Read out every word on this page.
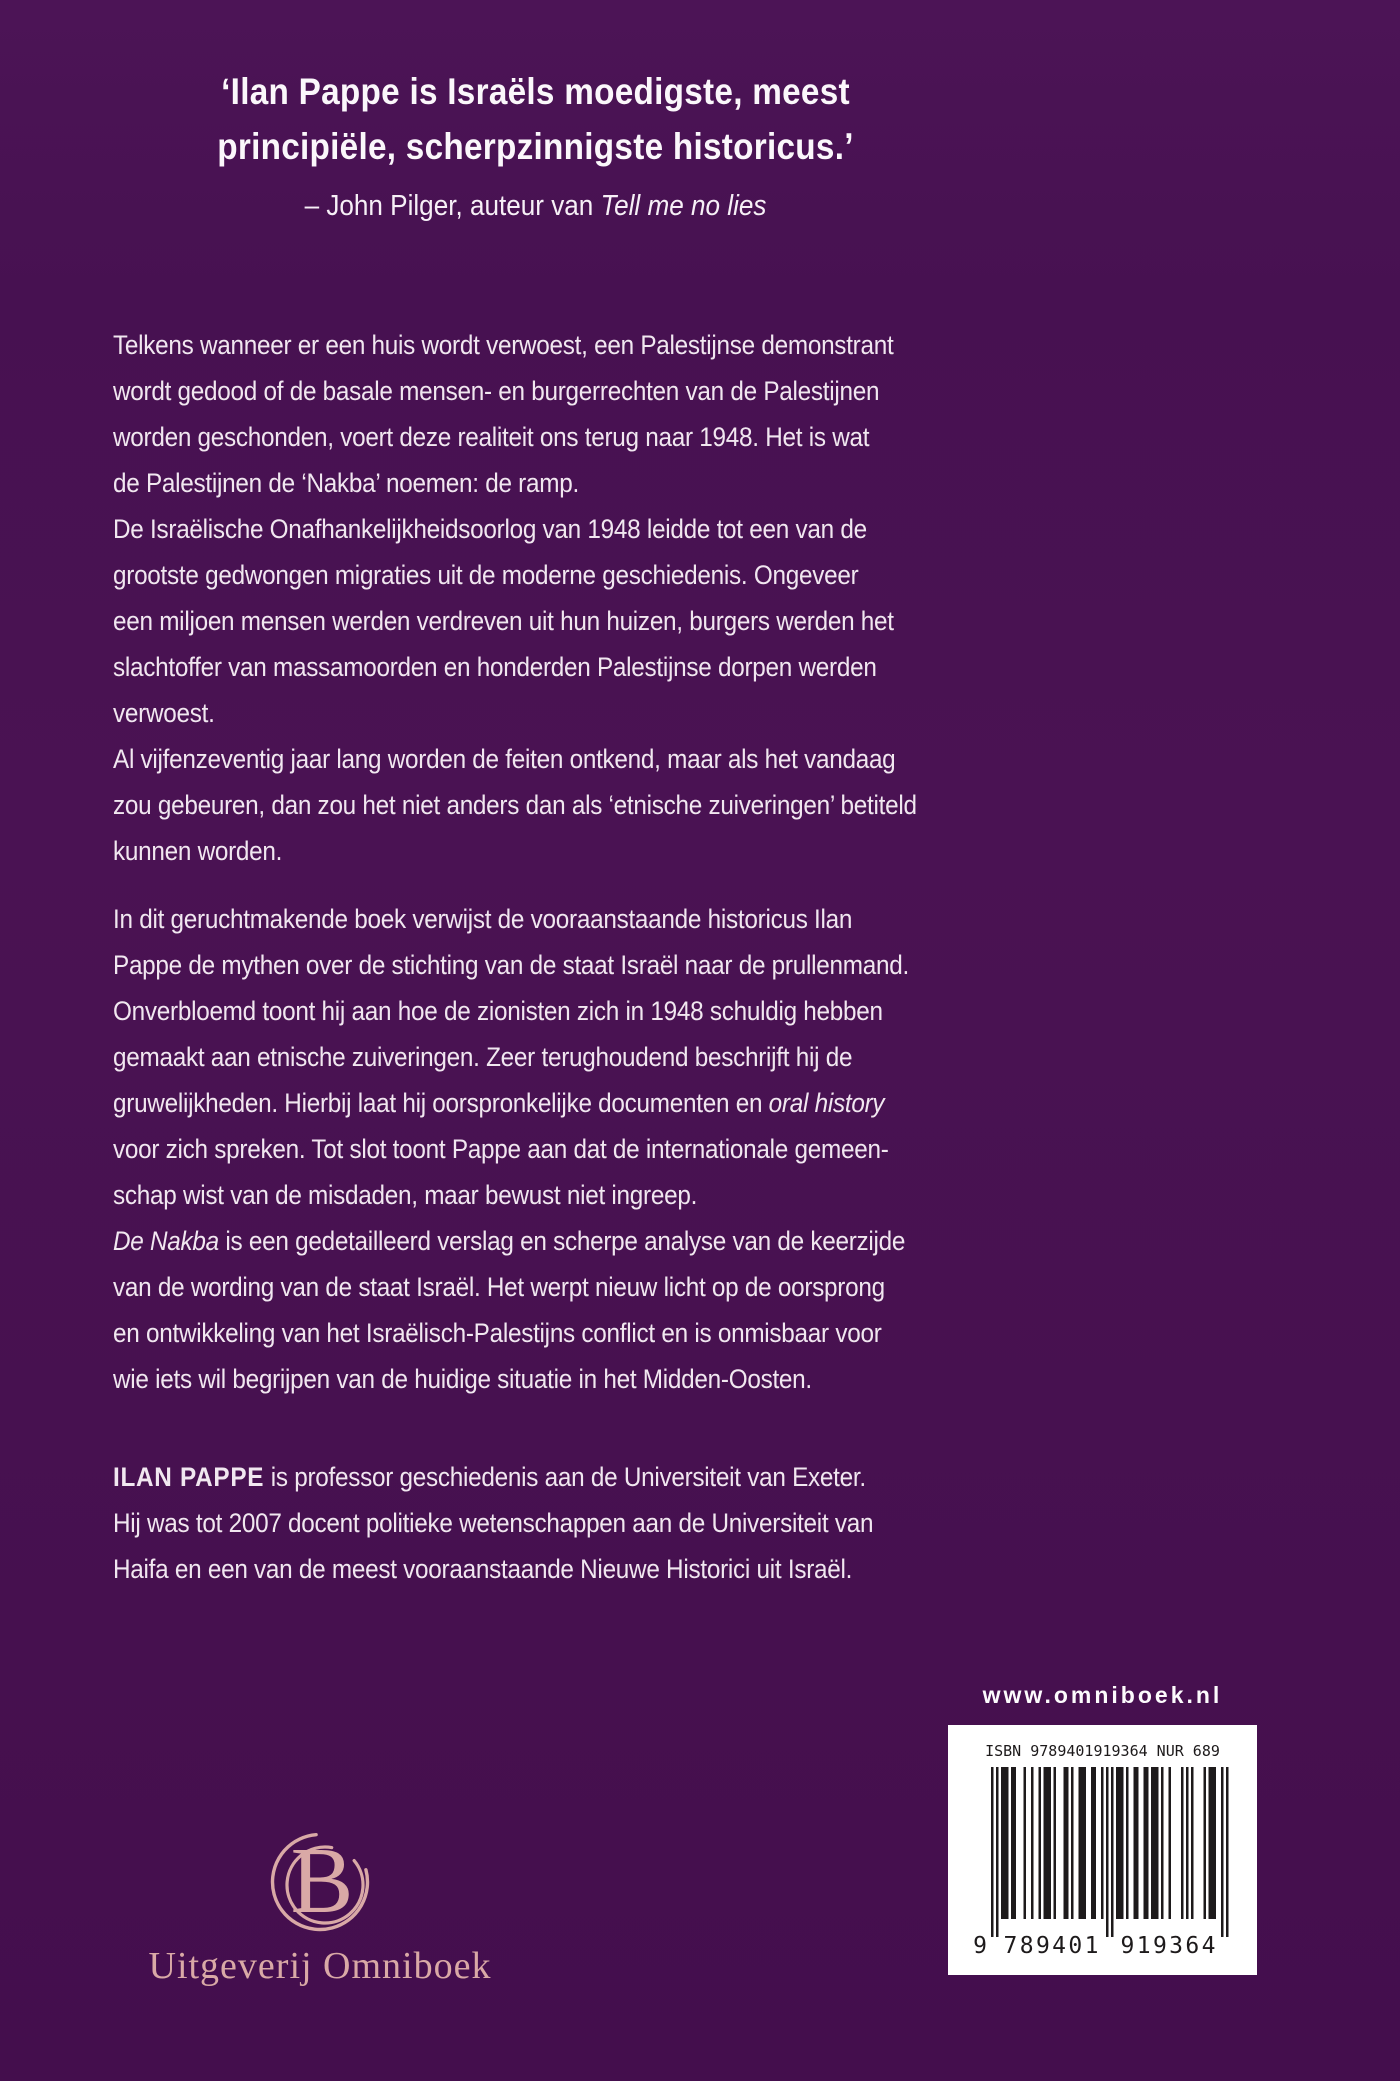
‘Ilan Pappe is Israëls moedigste, meest
principiële, scherpzinnigste historicus.’
– John Pilger, auteur van Tell me no lies
Telkens wanneer er een huis wordt verwoest, een Palestijnse demonstrant
wordt gedood of de basale mensen- en burgerrechten van de Palestijnen
worden geschonden, voert deze realiteit ons terug naar 1948. Het is wat
de Palestijnen de ‘Nakba’ noemen: de ramp.
De Israëlische Onafhankelijkheidsoorlog van 1948 leidde tot een van de
grootste gedwongen migraties uit de moderne geschiedenis. Ongeveer
een miljoen mensen werden verdreven uit hun huizen, burgers werden het
slachtoffer van massamoorden en honderden Palestijnse dorpen werden
verwoest.
Al vijfenzeventig jaar lang worden de feiten ontkend, maar als het vandaag
zou gebeuren, dan zou het niet anders dan als ‘etnische zuiveringen’ betiteld
kunnen worden.
In dit geruchtmakende boek verwijst de vooraanstaande historicus Ilan
Pappe de mythen over de stichting van de staat Israël naar de prullenmand.
Onverbloemd toont hij aan hoe de zionisten zich in 1948 schuldig hebben
gemaakt aan etnische zuiveringen. Zeer terughoudend beschrijft hij de
gruwelijkheden. Hierbij laat hij oorspronkelijke documenten en oral history
voor zich spreken. Tot slot toont Pappe aan dat de internationale gemeen-
schap wist van de misdaden, maar bewust niet ingreep.
De Nakba is een gedetailleerd verslag en scherpe analyse van de keerzijde
van de wording van de staat Israël. Het werpt nieuw licht op de oorsprong
en ontwikkeling van het Israëlisch-Palestijns conflict en is onmisbaar voor
wie iets wil begrijpen van de huidige situatie in het Midden-Oosten.
ILAN PAPPE is professor geschiedenis aan de Universiteit van Exeter.
Hij was tot 2007 docent politieke wetenschappen aan de Universiteit van
Haifa en een van de meest vooraanstaande Nieuwe Historici uit Israël.
www.omniboek.nl
ISBN 9789401919364 NUR 689
9 789401 919364
B
Uitgeverij Omniboek
